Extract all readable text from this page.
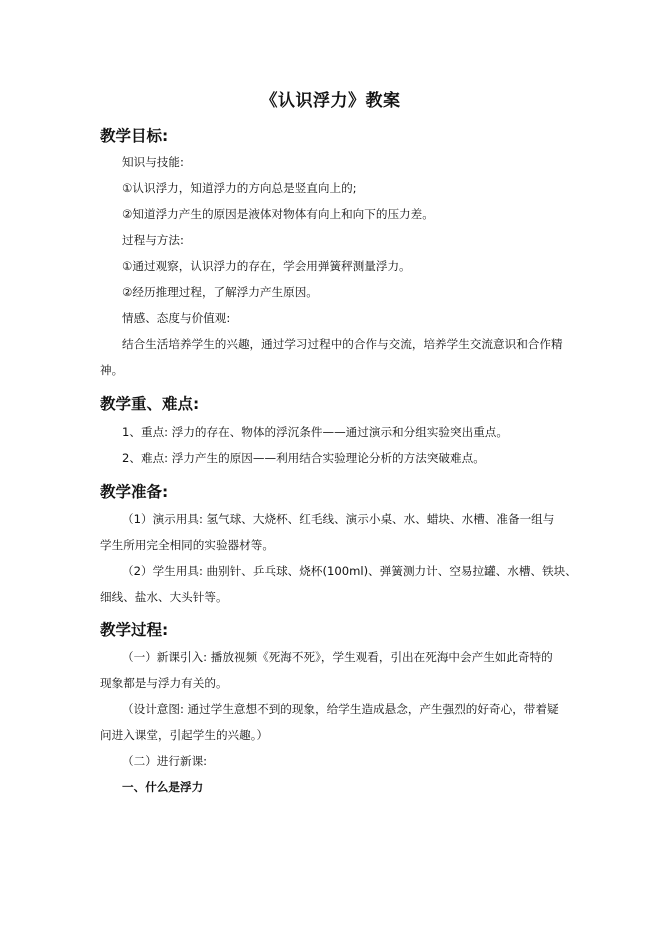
《认识浮力》教案
教学目标:
知识与技能:
①认识浮力，知道浮力的方向总是竖直向上的;
②知道浮力产生的原因是液体对物体有向上和向下的压力差。
过程与方法:
①通过观察，认识浮力的存在，学会用弹簧秤测量浮力。
②经历推理过程，了解浮力产生原因。
情感、态度与价值观:
结合生活培养学生的兴趣，通过学习过程中的合作与交流，培养学生交流意识和合作精
神。
教学重、难点:
1、重点: 浮力的存在、物体的浮沉条件——通过演示和分组实验突出重点。
2、难点: 浮力产生的原因——利用结合实验理论分析的方法突破难点。
教学准备:
（1）演示用具: 氢气球、大烧杯、红毛线、演示小桌、水、蜡块、水槽、准备一组与
学生所用完全相同的实验器材等。
（2）学生用具: 曲别针、乒乓球、烧杯(100ml)、弹簧测力计、空易拉罐、水槽、铁块、
细线、盐水、大头针等。
教学过程:
（一）新课引入: 播放视频《死海不死》，学生观看，引出在死海中会产生如此奇特的
现象都是与浮力有关的。
（设计意图: 通过学生意想不到的现象，给学生造成悬念，产生强烈的好奇心，带着疑
问进入课堂，引起学生的兴趣。）
（二）进行新课:
一、什么是浮力
